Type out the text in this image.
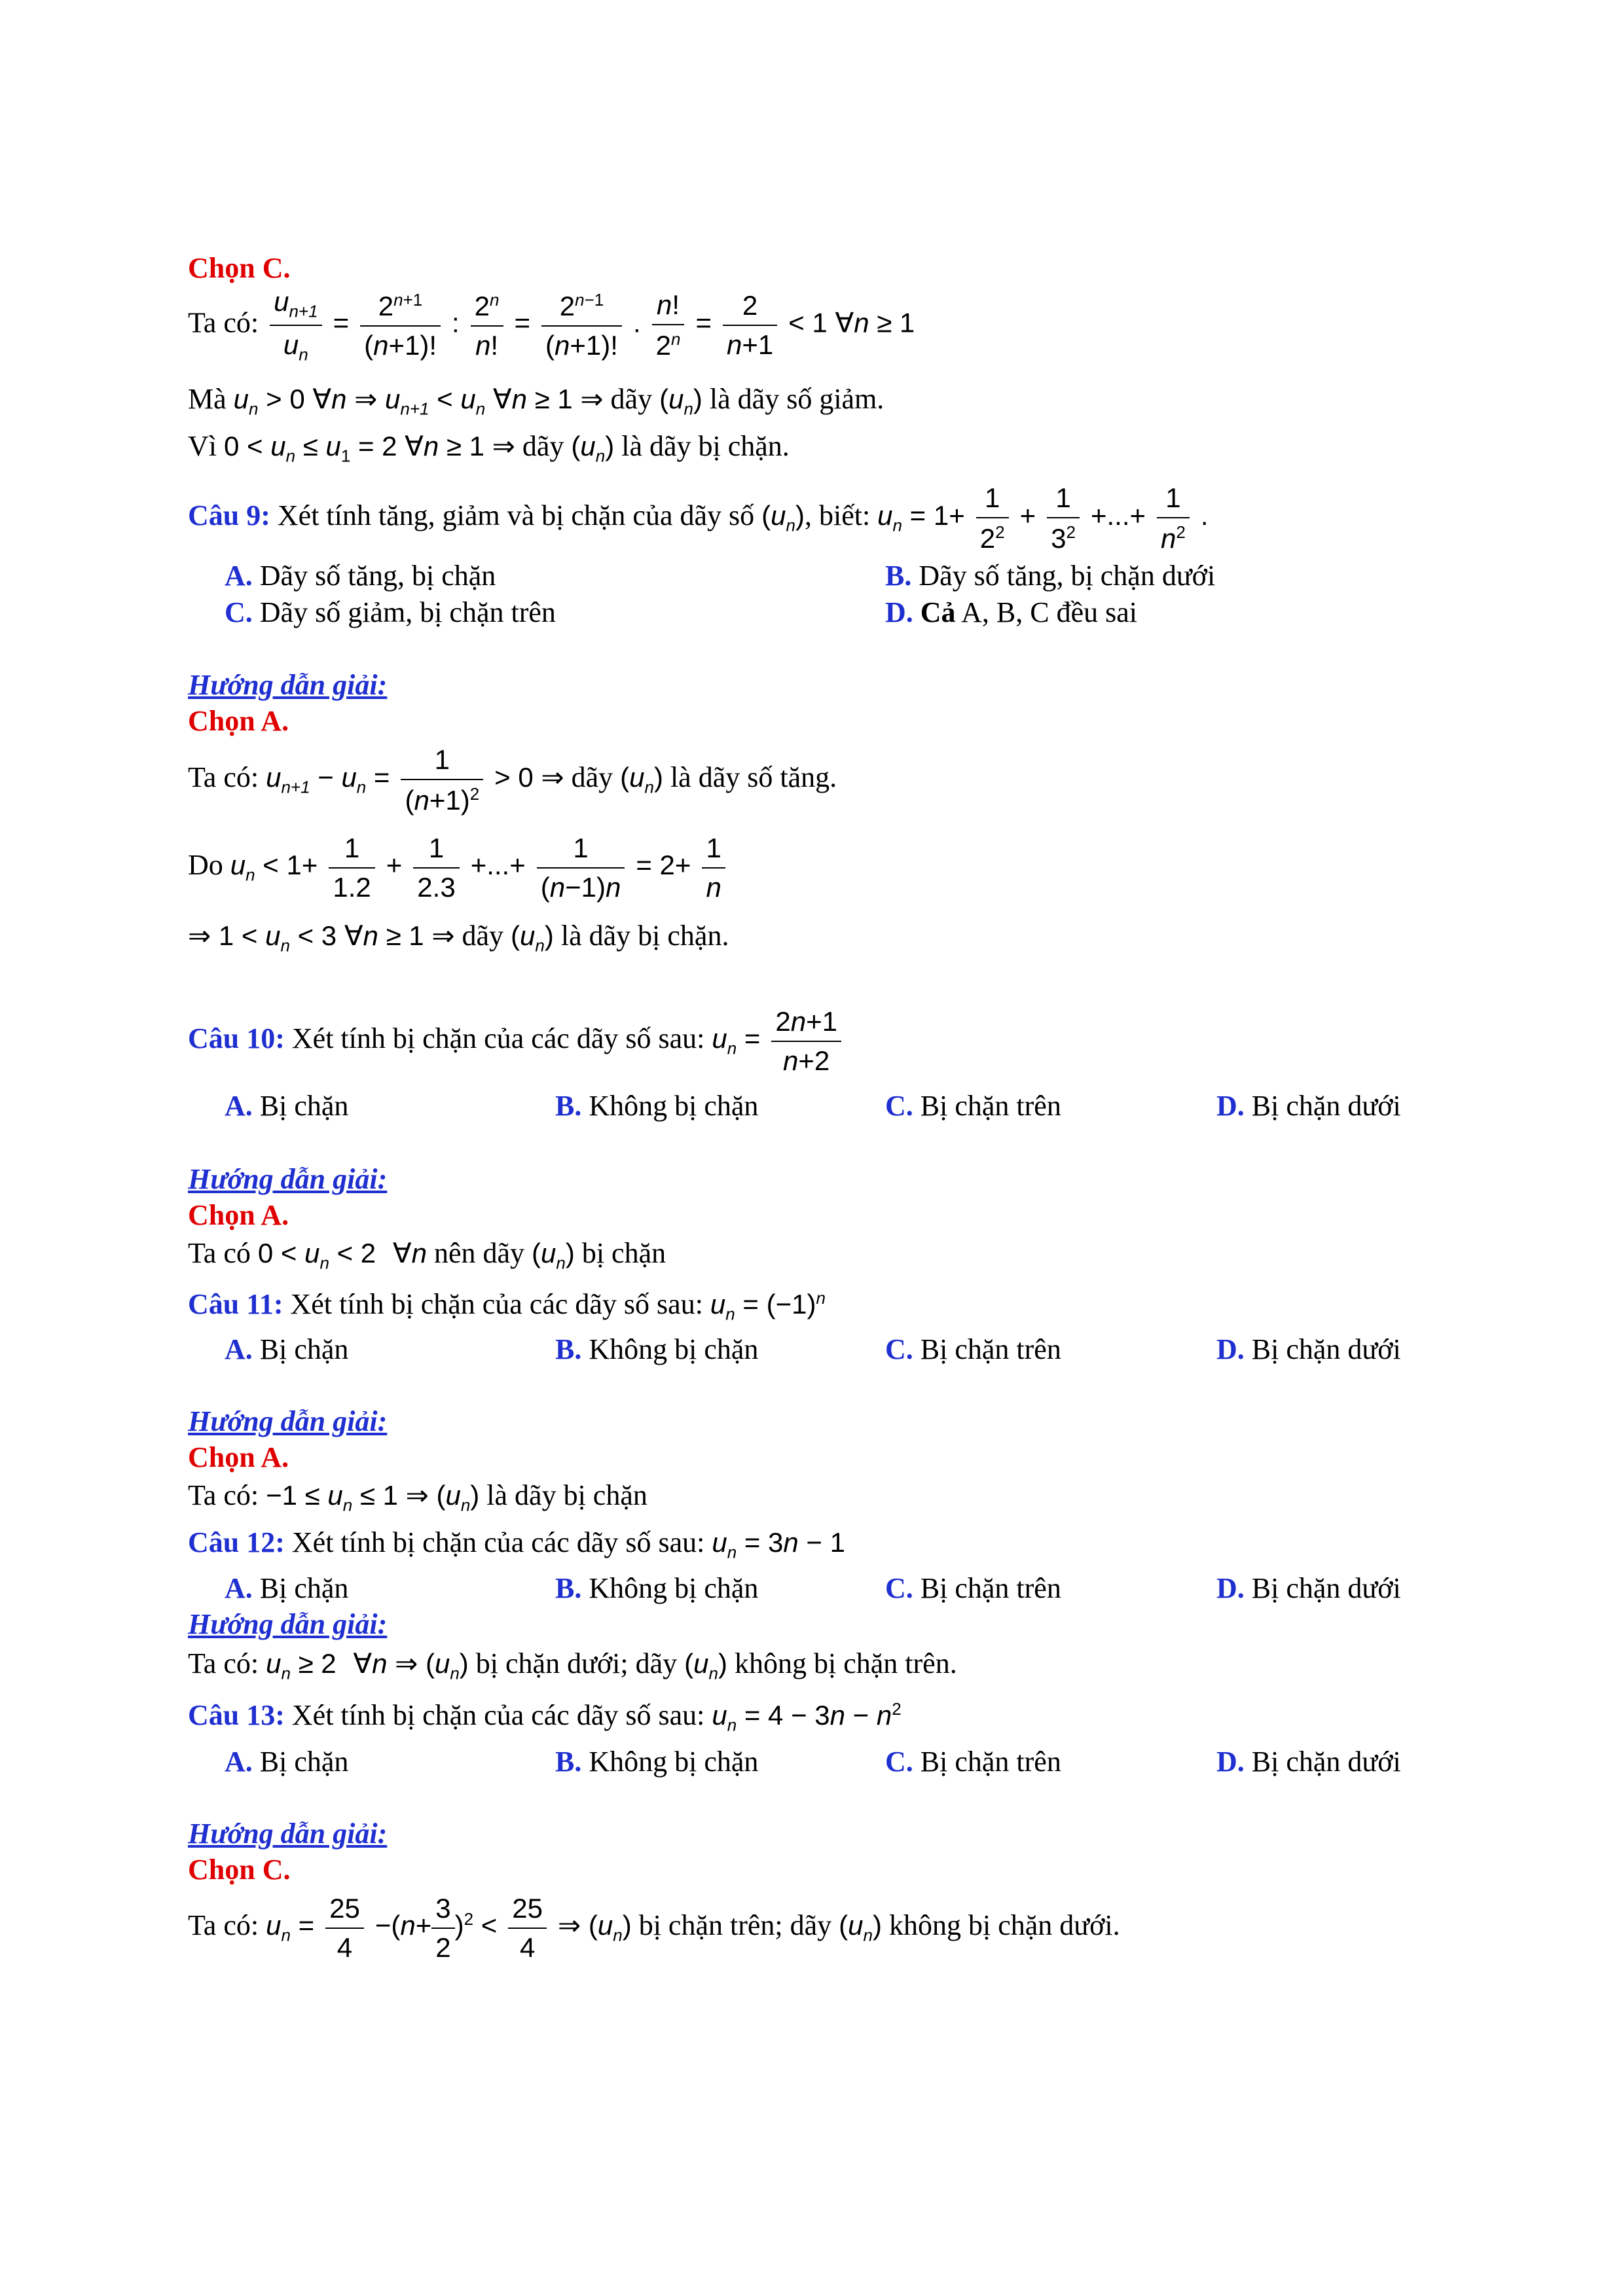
Chọn C.
Ta có: $\frac{u_{n+1}}{u_n} = \frac{2^{n+1}}{(n+1)!}$ : $\frac{2^n}{n!} = \frac{2^{n-1}}{(n+1)!}$ . $\frac{n!}{2^n} = \frac{2}{n+1} < 1$ ∀n ≥ 1
Mà $u_n > 0$ ∀n ⇒ $u_{n+1} < u_n$ ∀n ≥ 1 ⇒ dãy $(u_n)$ là dãy số giảm.
Vì $0 < u_n \le u_1 = 2$ ∀n ≥ 1 ⇒ dãy $(u_n)$ là dãy bị chặn.
Câu 9: Xét tính tăng, giảm và bị chặn của dãy số $(u_n)$, biết: $u_n = 1+ \frac{1}{2^2} + \frac{1}{3^2}$ +...+ $\frac{1}{n^2}$ .
A. Dãy số tăng, bị chặn	B. Dãy số tăng, bị chặn dưới
C. Dãy số giảm, bị chặn trên	D. Cả A, B, C đều sai
Hướng dẫn giải:
Chọn A.
Ta có: $u_{n+1} - u_n = \frac{1}{(n+1)^2} > 0$ ⇒ dãy $(u_n)$ là dãy số tăng.
Do $u_n < 1+ \frac{1}{1.2} + \frac{1}{2.3}$ +...+ $\frac{1}{(n-1)n} = 2+ \frac{1}{n}$
⇒ $1 < u_n < 3$ ∀n ≥ 1 ⇒ dãy $(u_n)$ là dãy bị chặn.
Câu 10: Xét tính bị chặn của các dãy số sau: $u_n = \frac{2n+1}{n+2}$
A. Bị chặn	B. Không bị chặn	C. Bị chặn trên	D. Bị chặn dưới
Hướng dẫn giải:
Chọn A.
Ta có $0 < u_n < 2$ ∀n nên dãy $(u_n)$ bị chặn
Câu 11: Xét tính bị chặn của các dãy số sau: $u_n = (-1)^n$
A. Bị chặn	B. Không bị chặn	C. Bị chặn trên	D. Bị chặn dưới
Hướng dẫn giải:
Chọn A.
Ta có: $-1 \le u_n \le 1$ ⇒ $(u_n)$ là dãy bị chặn
Câu 12: Xét tính bị chặn của các dãy số sau: $u_n = 3n - 1$
A. Bị chặn	B. Không bị chặn	C. Bị chặn trên	D. Bị chặn dưới
Hướng dẫn giải:
Ta có: $u_n \ge 2$ ∀n ⇒ $(u_n)$ bị chặn dưới; dãy $(u_n)$ không bị chặn trên.
Câu 13: Xét tính bị chặn của các dãy số sau: $u_n = 4 - 3n - n^2$
A. Bị chặn	B. Không bị chặn	C. Bị chặn trên	D. Bị chặn dưới
Hướng dẫn giải:
Chọn C.
Ta có: $u_n = \frac{25}{4} -(n+ \frac{3}{2} )^2 < \frac{25}{4}$ ⇒ $(u_n)$ bị chặn trên; dãy $(u_n)$ không bị chặn dưới.
